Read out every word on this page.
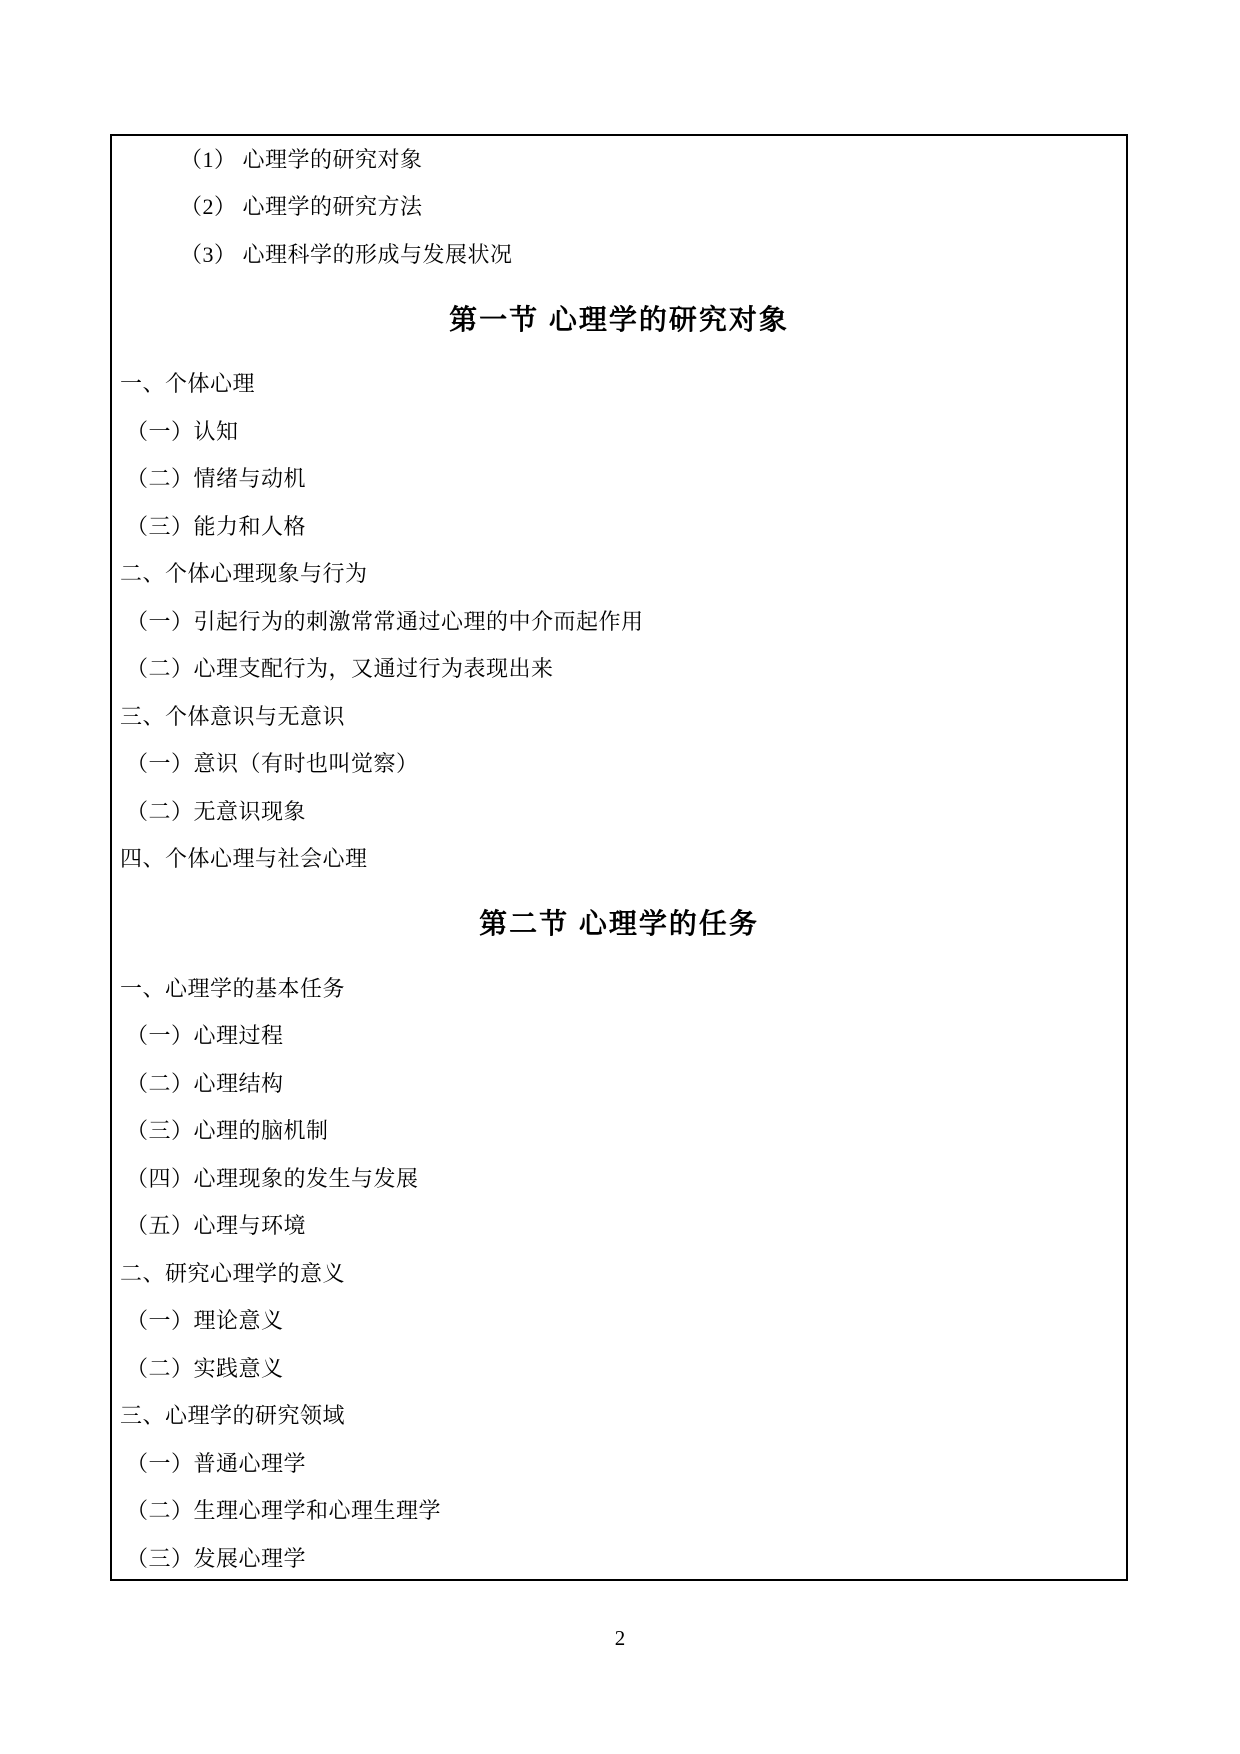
（1） 心理学的研究对象
（2） 心理学的研究方法
（3） 心理科学的形成与发展状况
第一节 心理学的研究对象
一、个体心理
（一）认知
（二）情绪与动机
（三）能力和人格
二、个体心理现象与行为
（一）引起行为的刺激常常通过心理的中介而起作用
（二）心理支配行为，又通过行为表现出来
三、个体意识与无意识
（一）意识（有时也叫觉察）
（二）无意识现象
四、个体心理与社会心理
第二节 心理学的任务
一、心理学的基本任务
（一）心理过程
（二）心理结构
（三）心理的脑机制
（四）心理现象的发生与发展
（五）心理与环境
二、研究心理学的意义
（一）理论意义
（二）实践意义
三、心理学的研究领域
（一）普通心理学
（二）生理心理学和心理生理学
（三）发展心理学
2
